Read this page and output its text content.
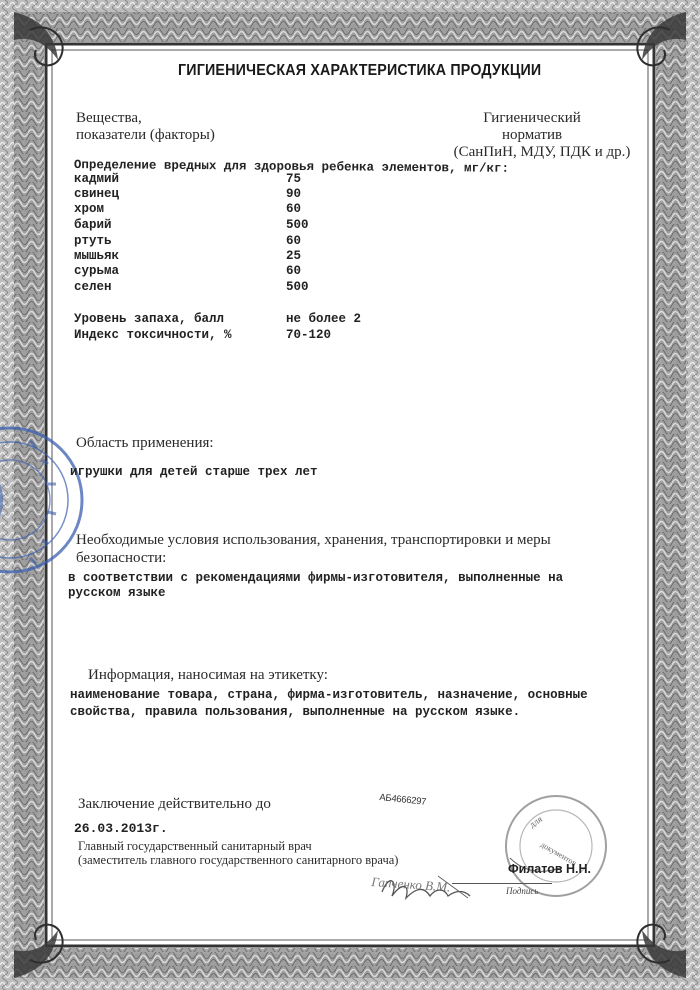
для
документов
ГИГИЕНИЧЕСКАЯ ХАРАКТЕРИСТИКА ПРОДУКЦИИ
Вещества,
показатели (факторы)
Гигиенический
норматив
(СанПиН, МДУ, ПДК и др.)
Определение вредных для здоровья ребенка элементов, мг/кг:
кадмий	75
свинец	90
хром	60
барий	500
ртуть	60
мышьяк	25
сурьма	60
селен	500
Уровень запаха, балл	не более 2
Индекс токсичности, %	70-120
Область применения:
игрушки для детей старше трех лет
Необходимые условия использования, хранения, транспортировки и меры
безопасности:
в соответствии с рекомендациями фирмы-изготовителя, выполненные на
русском языке
Информация, наносимая на этикетку:
наименование товара, страна, фирма-изготовитель, назначение, основные
свойства, правила пользования, выполненные на русском языке.
Заключение действительно до	АБ4666297
26.03.2013г.
Главный государственный санитарный врач
(заместитель главного государственного санитарного врача)
Филатов Н.Н.
Подпись
Гапченко В.М.
